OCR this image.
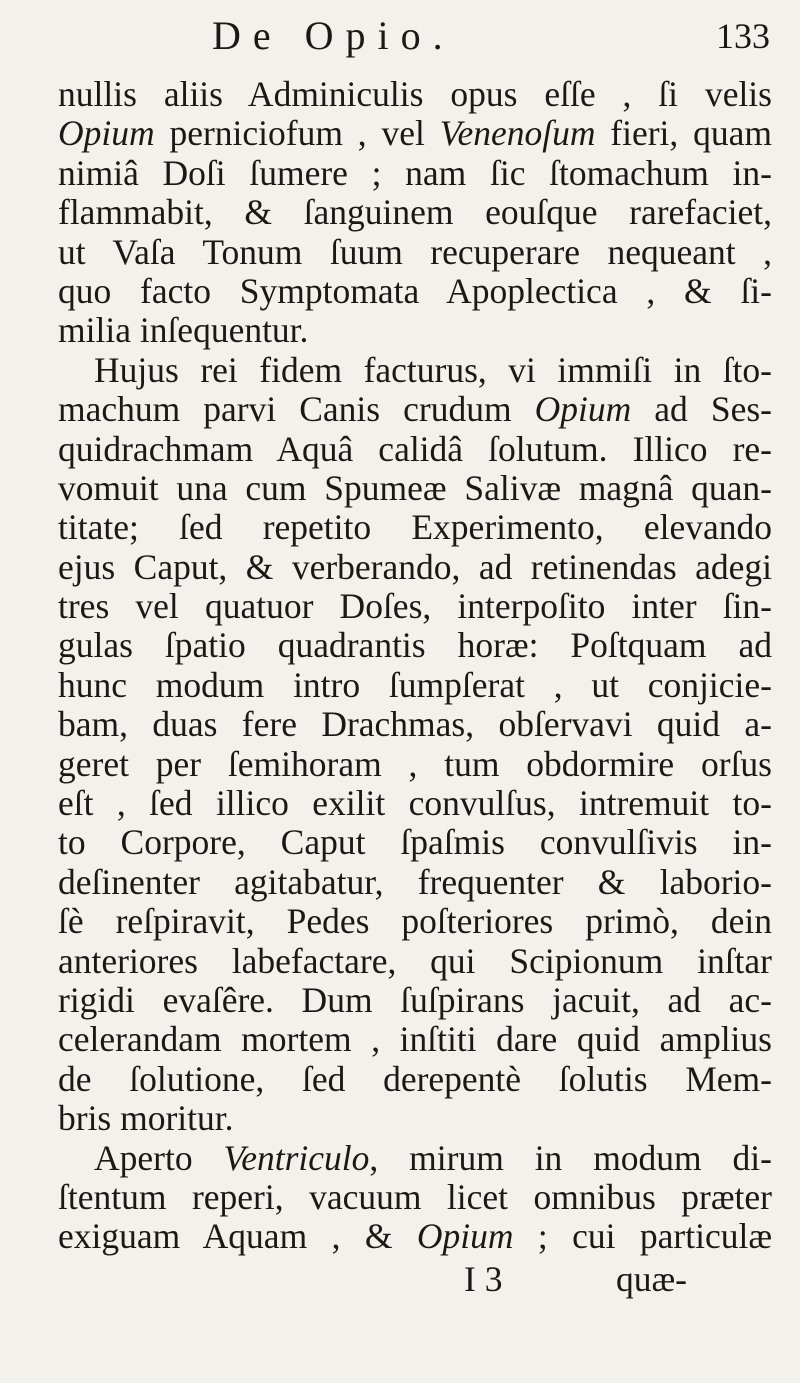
De Opio.	133
nullis aliis Adminiculis opus eſſe , ſi velis
Opium perniciofum , vel Venenoſum fieri, quam
nimiâ Doſi ſumere ; nam ſic ſtomachum in-
flammabit, & ſanguinem eouſque rarefaciet,
ut Vaſa Tonum ſuum recuperare nequeant ,
quo facto Symptomata Apoplectica , & ſi-
milia inſequentur.
Hujus rei fidem facturus, vi immiſi in ſto-
machum parvi Canis crudum Opium ad Ses-
quidrachmam Aquâ calidâ ſolutum. Illico re-
vomuit una cum Spumeæ Salivæ magnâ quan-
titate; ſed repetito Experimento, elevando
ejus Caput, & verberando, ad retinendas adegi
tres vel quatuor Doſes, interpoſito inter ſin-
gulas ſpatio quadrantis horæ: Poſtquam ad
hunc modum intro ſumpſerat , ut conjicie-
bam, duas fere Drachmas, obſervavi quid a-
geret per ſemihoram , tum obdormire orſus
eſt , ſed illico exilit convulſus, intremuit to-
to Corpore, Caput ſpaſmis convulſivis in-
deſinenter agitabatur, frequenter & laborio-
ſè reſpiravit, Pedes poſteriores primò, dein
anteriores labefactare, qui Scipionum inſtar
rigidi evaſêre. Dum ſuſpirans jacuit, ad ac-
celerandam mortem , inſtiti dare quid amplius
de ſolutione, ſed derepentè ſolutis Mem-
bris moritur.
Aperto Ventriculo, mirum in modum di-
ſtentum reperi, vacuum licet omnibus præter
exiguam Aquam , & Opium ; cui particulæ
I 3	quæ-
